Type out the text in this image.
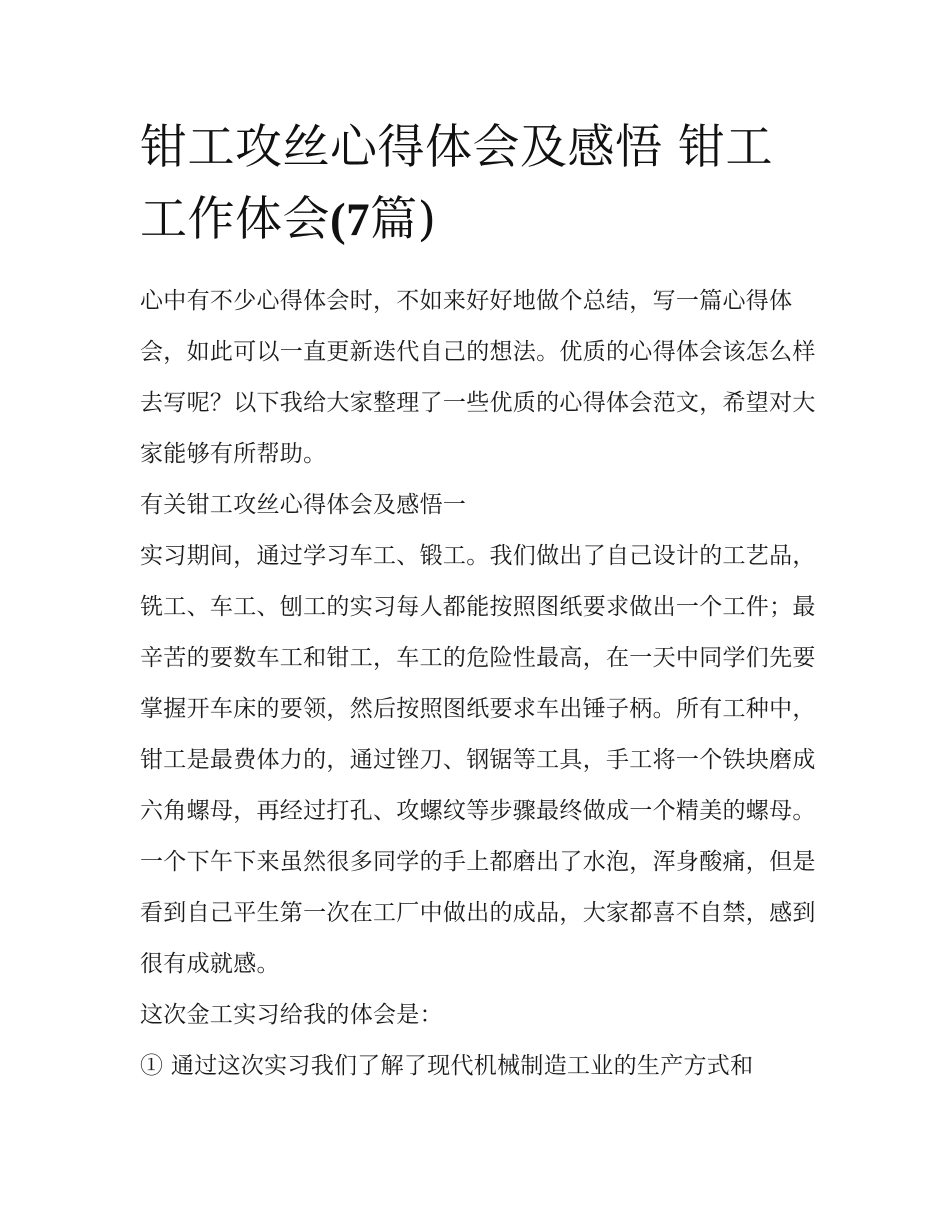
钳工攻丝心得体会及感悟 钳工工作体会(7篇)

心中有不少心得体会时，不如来好好地做个总结，写一篇心得体会，如此可以一直更新迭代自己的想法。优质的心得体会该怎么样去写呢？以下我给大家整理了一些优质的心得体会范文，希望对大家能够有所帮助。

有关钳工攻丝心得体会及感悟一

实习期间，通过学习车工、锻工。我们做出了自己设计的工艺品，铣工、车工、刨工的实习每人都能按照图纸要求做出一个工件；最辛苦的要数车工和钳工，车工的危险性最高，在一天中同学们先要掌握开车床的要领，然后按照图纸要求车出锤子柄。所有工种中，钳工是最费体力的，通过锉刀、钢锯等工具，手工将一个铁块磨成六角螺母，再经过打孔、攻螺纹等步骤最终做成一个精美的螺母。一个下午下来虽然很多同学的手上都磨出了水泡，浑身酸痛，但是看到自己平生第一次在工厂中做出的成品，大家都喜不自禁，感到很有成就感。

这次金工实习给我的体会是：

① 通过这次实习我们了解了现代机械制造工业的生产方式和
